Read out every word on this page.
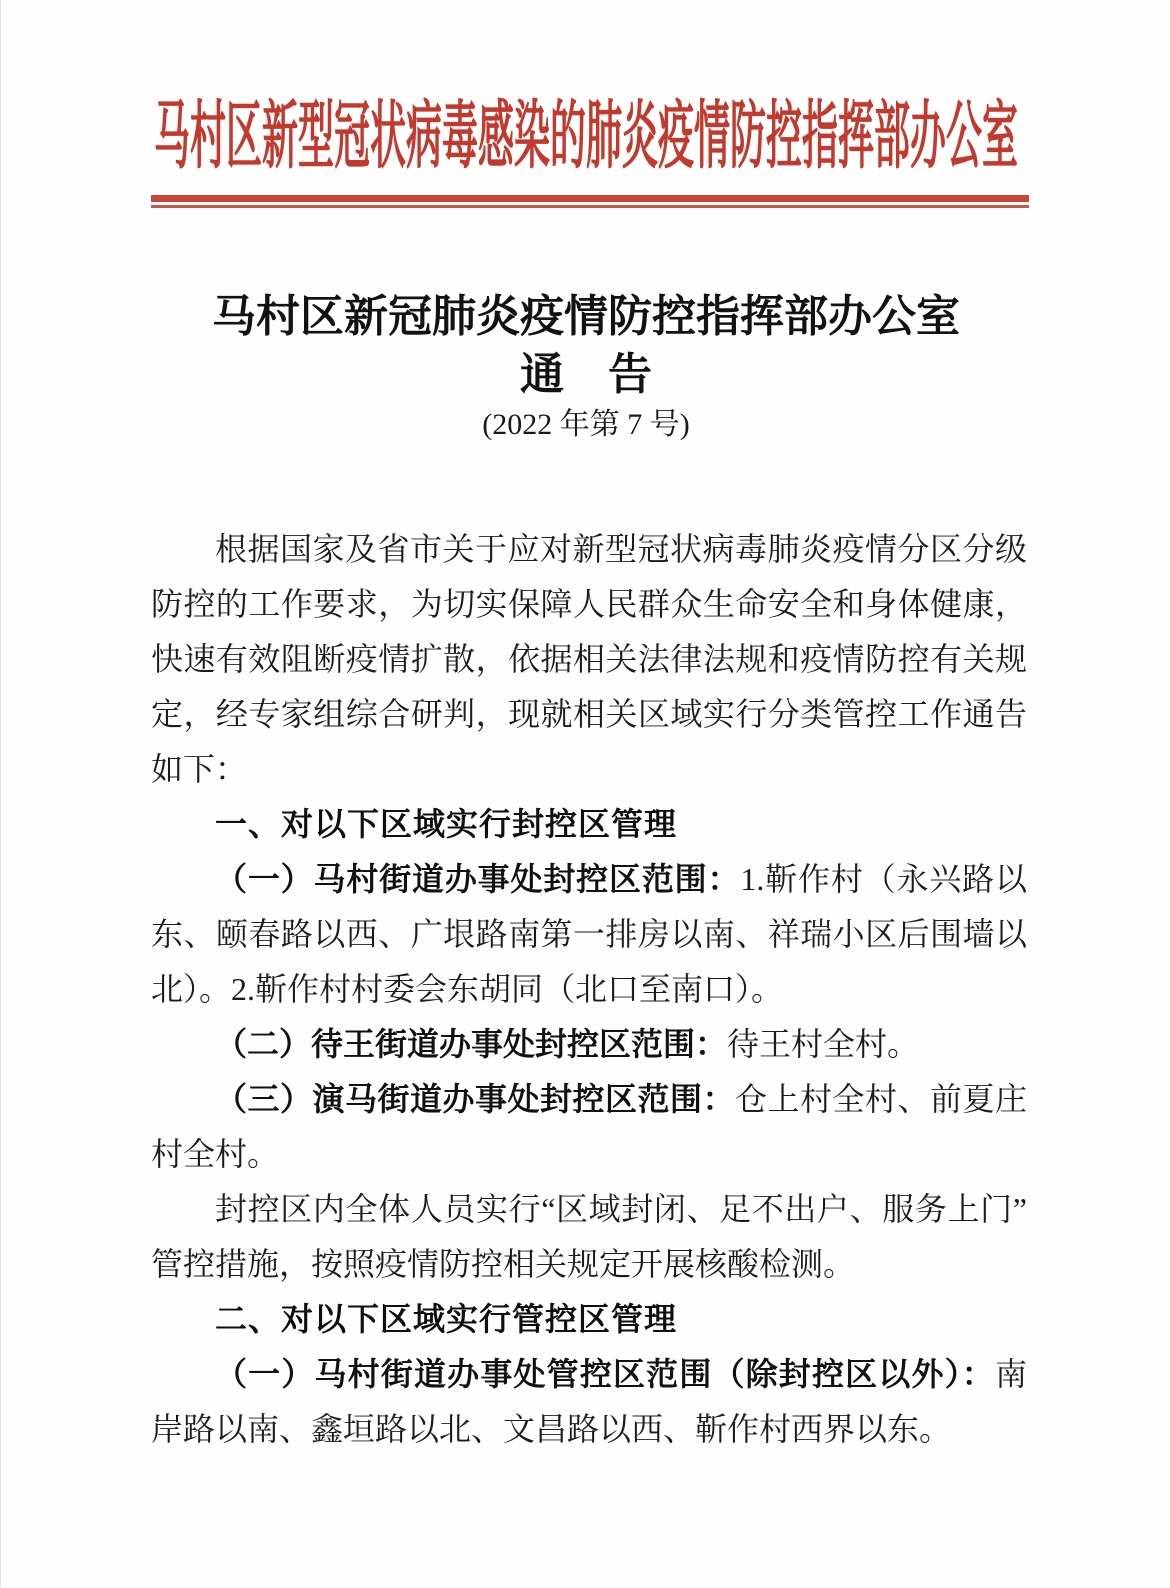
马村区新型冠状病毒感染的肺炎疫情防控指挥部办公室
马村区新冠肺炎疫情防控指挥部办公室
通　告
(2022 年第 7 号)
根据国家及省市关于应对新型冠状病毒肺炎疫情分区分级防控的工作要求，为切实保障人民群众生命安全和身体健康，快速有效阻断疫情扩散，依据相关法律法规和疫情防控有关规定，经专家组综合研判，现就相关区域实行分类管控工作通告如下：
一、对以下区域实行封控区管理
（一）马村街道办事处封控区范围：1.靳作村（永兴路以东、颐春路以西、广垠路南第一排房以南、祥瑞小区后围墙以北）。2.靳作村村委会东胡同（北口至南口）。
（二）待王街道办事处封控区范围：待王村全村。
（三）演马街道办事处封控区范围：仓上村全村、前夏庄村全村。
封控区内全体人员实行“区域封闭、足不出户、服务上门”管控措施，按照疫情防控相关规定开展核酸检测。
二、对以下区域实行管控区管理
（一）马村街道办事处管控区范围（除封控区以外）：南岸路以南、鑫垣路以北、文昌路以西、靳作村西界以东。
